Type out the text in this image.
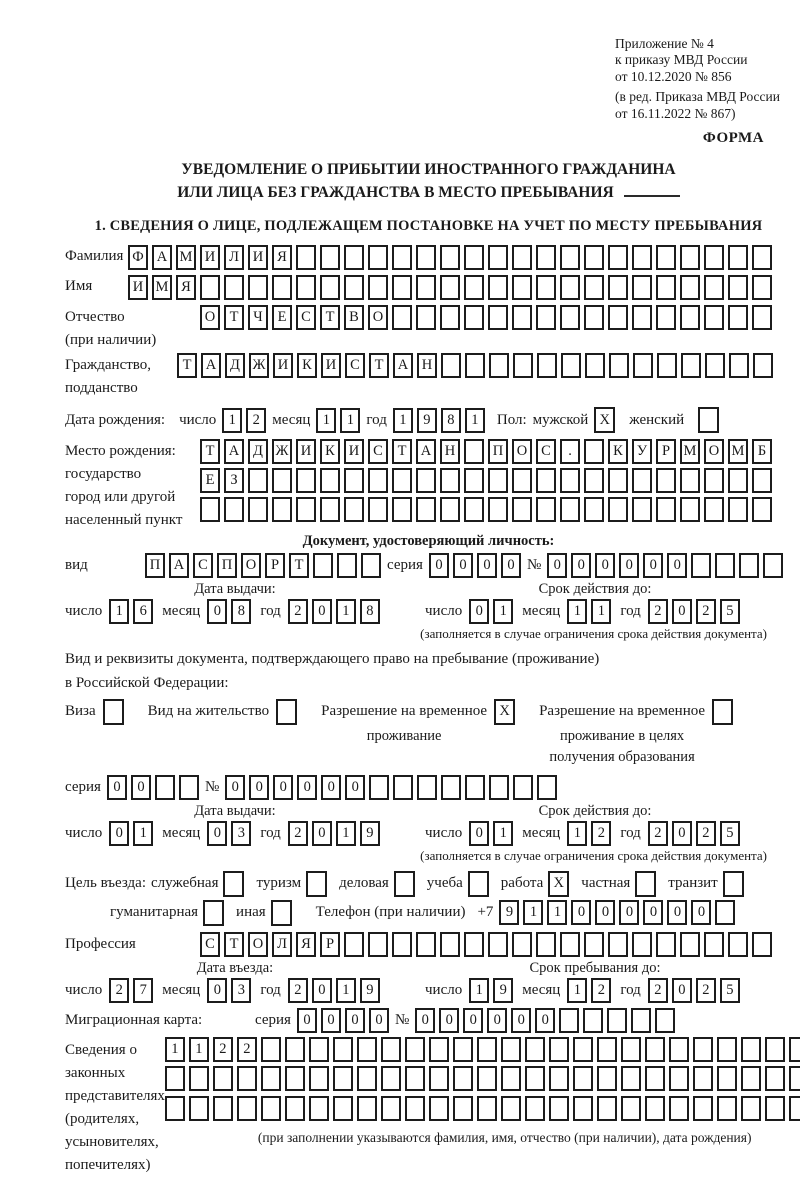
Приложение № 4
к приказу МВД России
от 10.12.2020 № 856
(в ред. Приказа МВД России
от 16.11.2022 № 867)
ФОРМА
УВЕДОМЛЕНИЕ О ПРИБЫТИИ ИНОСТРАННОГО ГРАЖДАНИНА
ИЛИ ЛИЦА БЕЗ ГРАЖДАНСТВА В МЕСТО ПРЕБЫВАНИЯ
1. СВЕДЕНИЯ О ЛИЦЕ, ПОДЛЕЖАЩЕМ ПОСТАНОВКЕ НА УЧЕТ ПО МЕСТУ ПРЕБЫВАНИЯ
Фамилия Ф А М И Л И Я
Имя	И М Я
Отчество
(при наличии)
О Т	Ч	Е	С	Т	В О
Гражданство,
подданство
Т А Д Ж И К И С	Т А Н
Дата рождения: число 1	2 месяц 1	1 год 1	9	8	1	Пол: мужской X	женский
Место рождения:
государство
город или другой
населенный пункт
Т А Д Ж И К И С	Т А Н	П О С	.	К У	Р М О М Б

Е	З

Документ, удостоверяющий личность:
вид	П А С П О	Р	Т	серия 0	0	0	0 № 0	0	0	0	0	0
Дата выдачи:
число 1	6	месяц 0	8	год 2	0	1	8
Срок действия до:
число 0	1	месяц 1	1	год 2	0	2	5
(заполняется в случае ограничения срока действия документа)
Вид и реквизиты документа, подтверждающего право на пребывание (проживание)
в Российской Федерации:
Виза	Вид на жительство	Разрешение на временное X
проживание
Разрешение на временное
проживание в целях
получения образования
серия 0	0	№ 0	0	0	0	0	0
Дата выдачи:
число 0	1	месяц 0	3	год 2	0	1	9
Срок действия до:
число 0	1	месяц 1	2	год 2	0	2	5
(заполняется в случае ограничения срока действия документа)
Цель въезда: служебная	туризм	деловая	учеба	работа X	частная	транзит
гуманитарная	иная	Телефон (при наличии) +7 9	1	1	0	0	0	0	0	0
Профессия	С	Т О Л Я	Р
Дата въезда:
число 2	7	месяц 0	3	год 2	0	1	9
Срок пребывания до:
число 1	9	месяц 1	2	год 2	0	2	5
Миграционная карта:	серия 0	0	0	0 № 0	0	0	0	0	0
Сведения о
законных
представителях
(родителях,
усыновителях,
попечителях)
1	1	2	2

(при заполнении указываются фамилия, имя, отчество (при наличии), дата рождения)
